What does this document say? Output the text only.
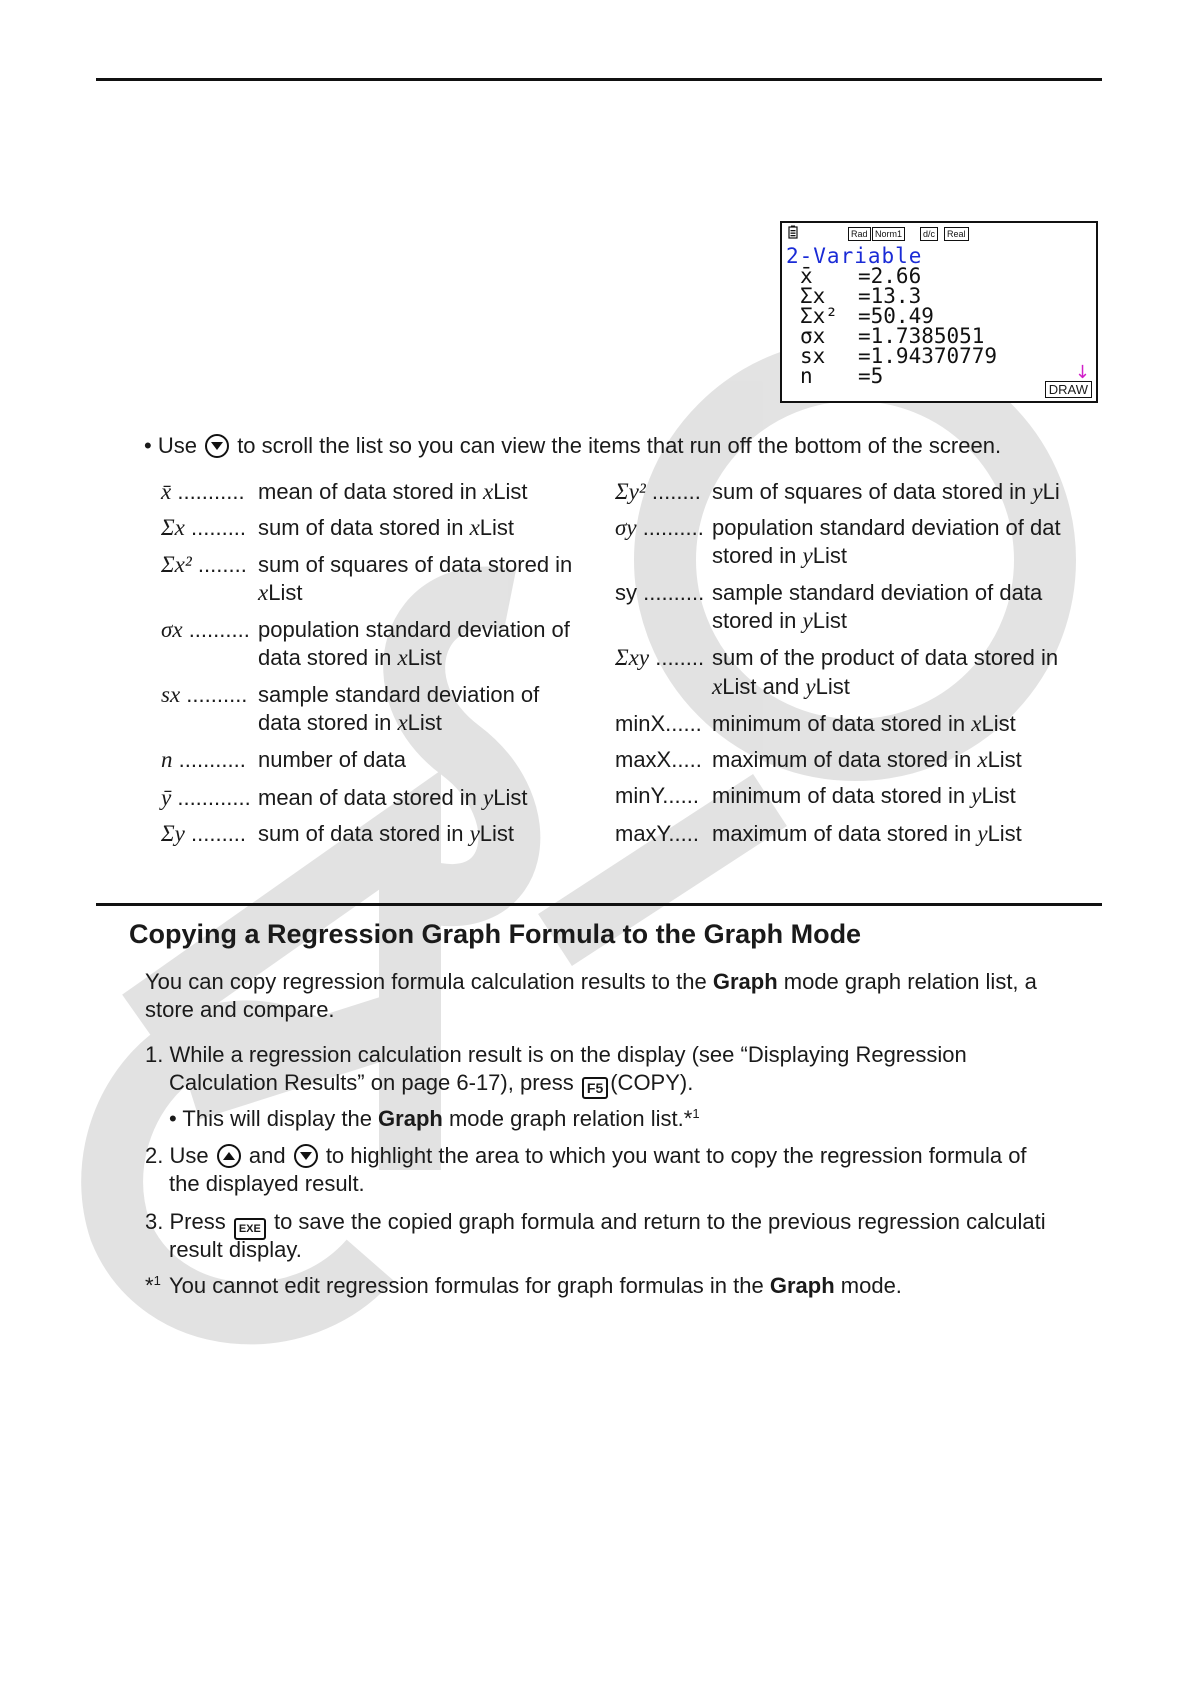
Rad Norm1	d/c	Real
2-Variable
x̄ =2.66
Σx =13.3
Σx² =50.49
σx =1.7385051
sx =1.94370779
n =5	↓
DRAW
• Use to scroll the list so you can view the items that run off the bottom of the screen.
x̄ ........... mean of data stored in xList
Σx ......... sum of data stored in xList
Σx² ........ sum of squares of data stored in
xList
σx .......... population standard deviation of
data stored in xList
sx .......... sample standard deviation of
data stored in xList
n ........... number of data
ȳ ............ mean of data stored in yList
Σy ......... sum of data stored in yList
Σy² ........ sum of squares of data stored in yLi
σy .......... population standard deviation of dat
stored in yList
sy .......... sample standard deviation of data
stored in yList
Σxy ........ sum of the product of data stored in
xList and yList
minX...... minimum of data stored in xList
maxX..... maximum of data stored in xList
minY...... minimum of data stored in yList
maxY..... maximum of data stored in yList
Copying a Regression Graph Formula to the Graph Mode
You can copy regression formula calculation results to the Graph mode graph relation list, a
store and compare.
1. While a regression calculation result is on the display (see “Displaying Regression
Calculation Results” on page 6-17), press F5 (COPY).
• This will display the Graph mode graph relation list.*$^1$
2. Use and to highlight the area to which you want to copy the regression formula of
the displayed result.
3. Press EXE to save the copied graph formula and return to the previous regression calculati
result display.
*$^1$ You cannot edit regression formulas for graph formulas in the Graph mode.
